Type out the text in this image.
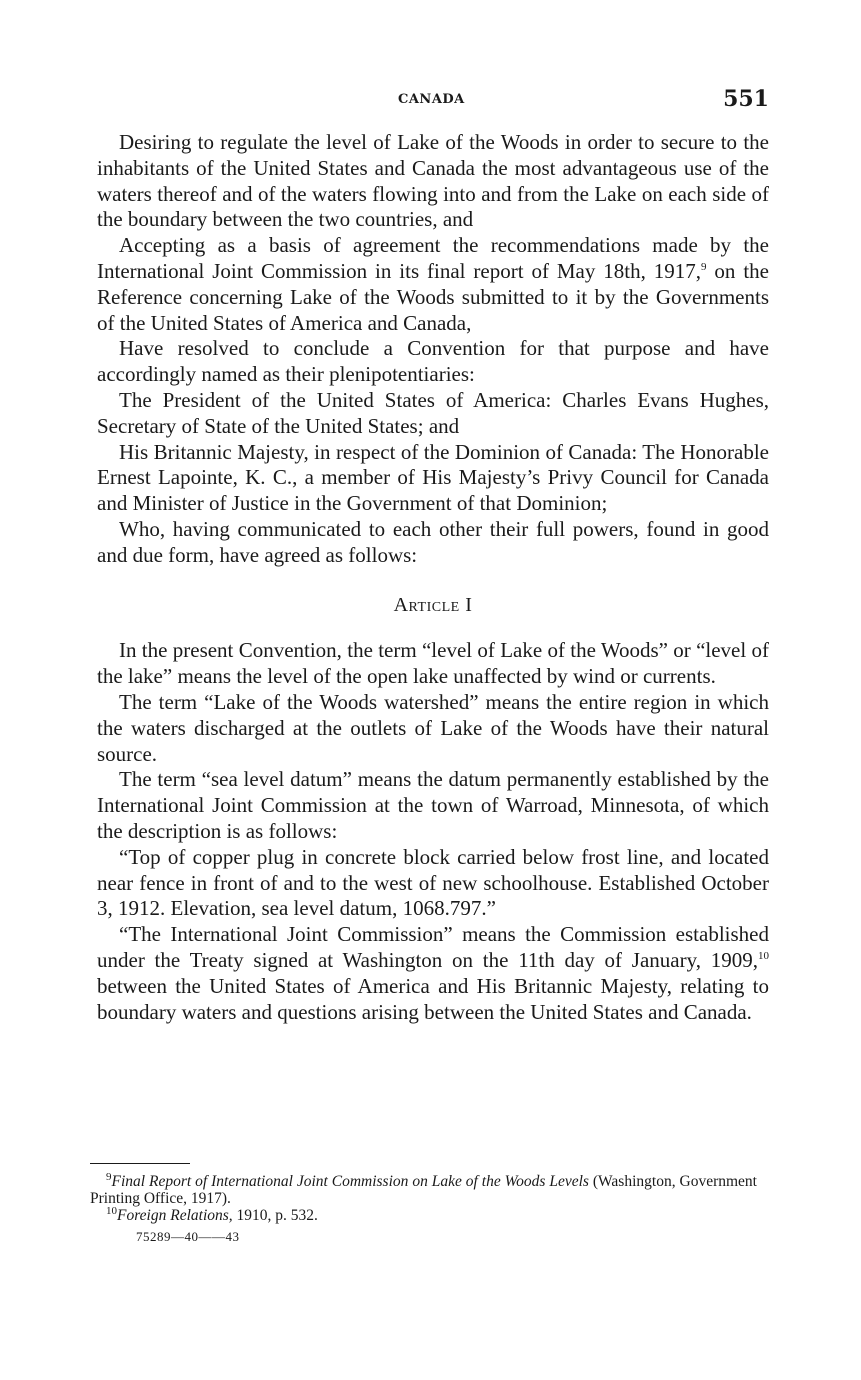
CANADA	551

Desiring to regulate the level of Lake of the Woods in order to secure to the inhabitants of the United States and Canada the most advantageous use of the waters thereof and of the waters flowing into and from the Lake on each side of the boundary between the two countries, and

Accepting as a basis of agreement the recommendations made by the International Joint Commission in its final report of May 18th, 1917,$^9$ on the Reference concerning Lake of the Woods submitted to it by the Governments of the United States of America and Canada,

Have resolved to conclude a Convention for that purpose and have accordingly named as their plenipotentiaries:

The President of the United States of America: Charles Evans Hughes, Secretary of State of the United States; and

His Britannic Majesty, in respect of the Dominion of Canada: The Honorable Ernest Lapointe, K. C., a member of His Majesty’s Privy Council for Canada and Minister of Justice in the Government of that Dominion;

Who, having communicated to each other their full powers, found in good and due form, have agreed as follows:

Article I

In the present Convention, the term “level of Lake of the Woods” or “level of the lake” means the level of the open lake unaffected by wind or currents.

The term “Lake of the Woods watershed” means the entire region in which the waters discharged at the outlets of Lake of the Woods have their natural source.

The term “sea level datum” means the datum permanently established by the International Joint Commission at the town of Warroad, Minnesota, of which the description is as follows:

“Top of copper plug in concrete block carried below frost line, and located near fence in front of and to the west of new schoolhouse. Established October 3, 1912. Elevation, sea level datum, 1068.797.”

“The International Joint Commission” means the Commission established under the Treaty signed at Washington on the 11th day of January, 1909,10 between the United States of America and His Britannic Majesty, relating to boundary waters and questions arising between the United States and Canada.

$^9$Final Report of International Joint Commission on Lake of the Woods Levels (Washington, Government Printing Office, 1917).

$^{10}$Foreign Relations, 1910, p. 532.

75289—40——43
